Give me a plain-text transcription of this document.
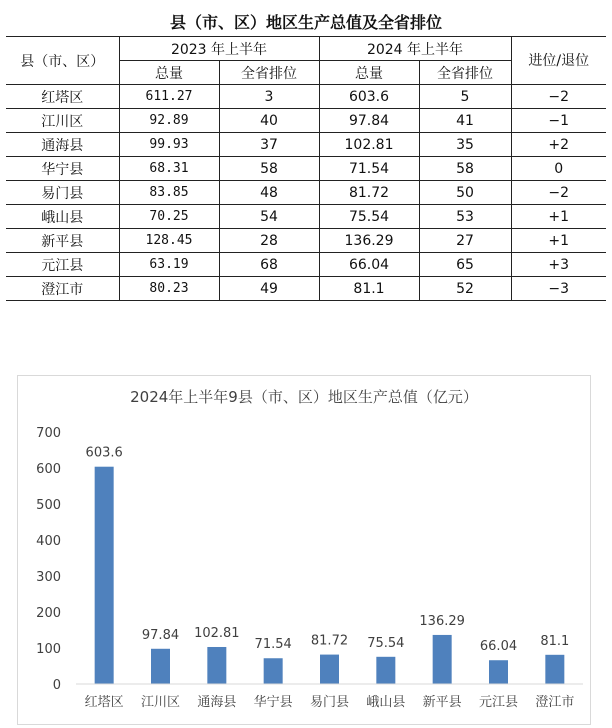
县（市、区）地区生产总值及全省排位
县（市、区）	2023 年上半年		2024 年上半年		进位/退位
	总量	全省排位	总量	全省排位	
红塔区	611.27	3	603.6	5	−2
江川区	92.89	40	97.84	41	−1
通海县	99.93	37	102.81	35	+2
华宁县	68.31	58	71.54	58	0
易门县	83.85	48	81.72	50	−2
峨山县	70.25	54	75.54	53	+1
新平县	128.45	28	136.29	27	+1
元江县	63.19	68	66.04	65	+3
澄江市	80.23	49	81.1	52	−3
2024年上半年9县（市、区）地区生产总值（亿元）
0
100
200
300
400
500
600
700
603.6
97.84 102.81
71.54 81.72 75.54
136.29
66.04 81.1
红塔区 江川区 通海县 华宁县 易门县 峨山县 新平县 元江县 澄江市
